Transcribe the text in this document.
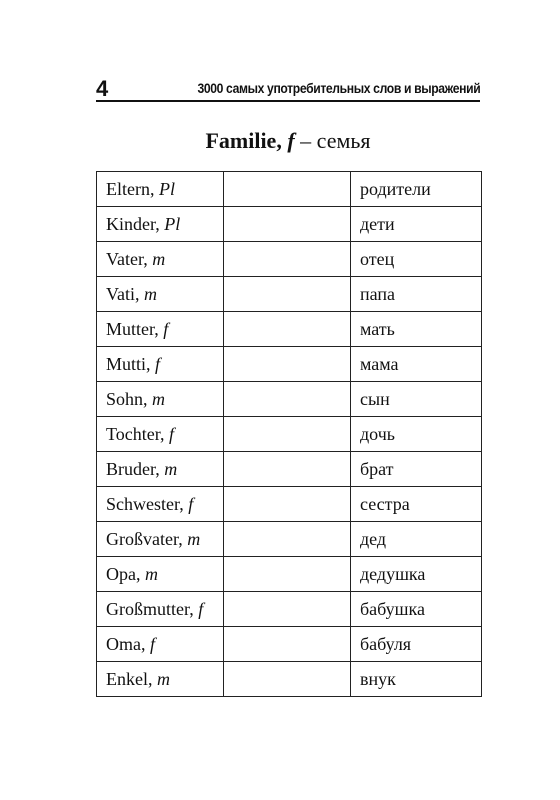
4	3000 самых употребительных слов и выражений
Familie, f – семья
Eltern, Pl		родители
Kinder, Pl		дети
Vater, m		отец
Vati, m		папа
Mutter, f		мать
Mutti, f		мама
Sohn, m		сын
Tochter, f		дочь
Bruder, m		брат
Schwester, f		сестра
Großvater, m		дед
Opa, m		дедушка
Großmutter, f		бабушка
Oma, f		бабуля
Enkel, m		внук
